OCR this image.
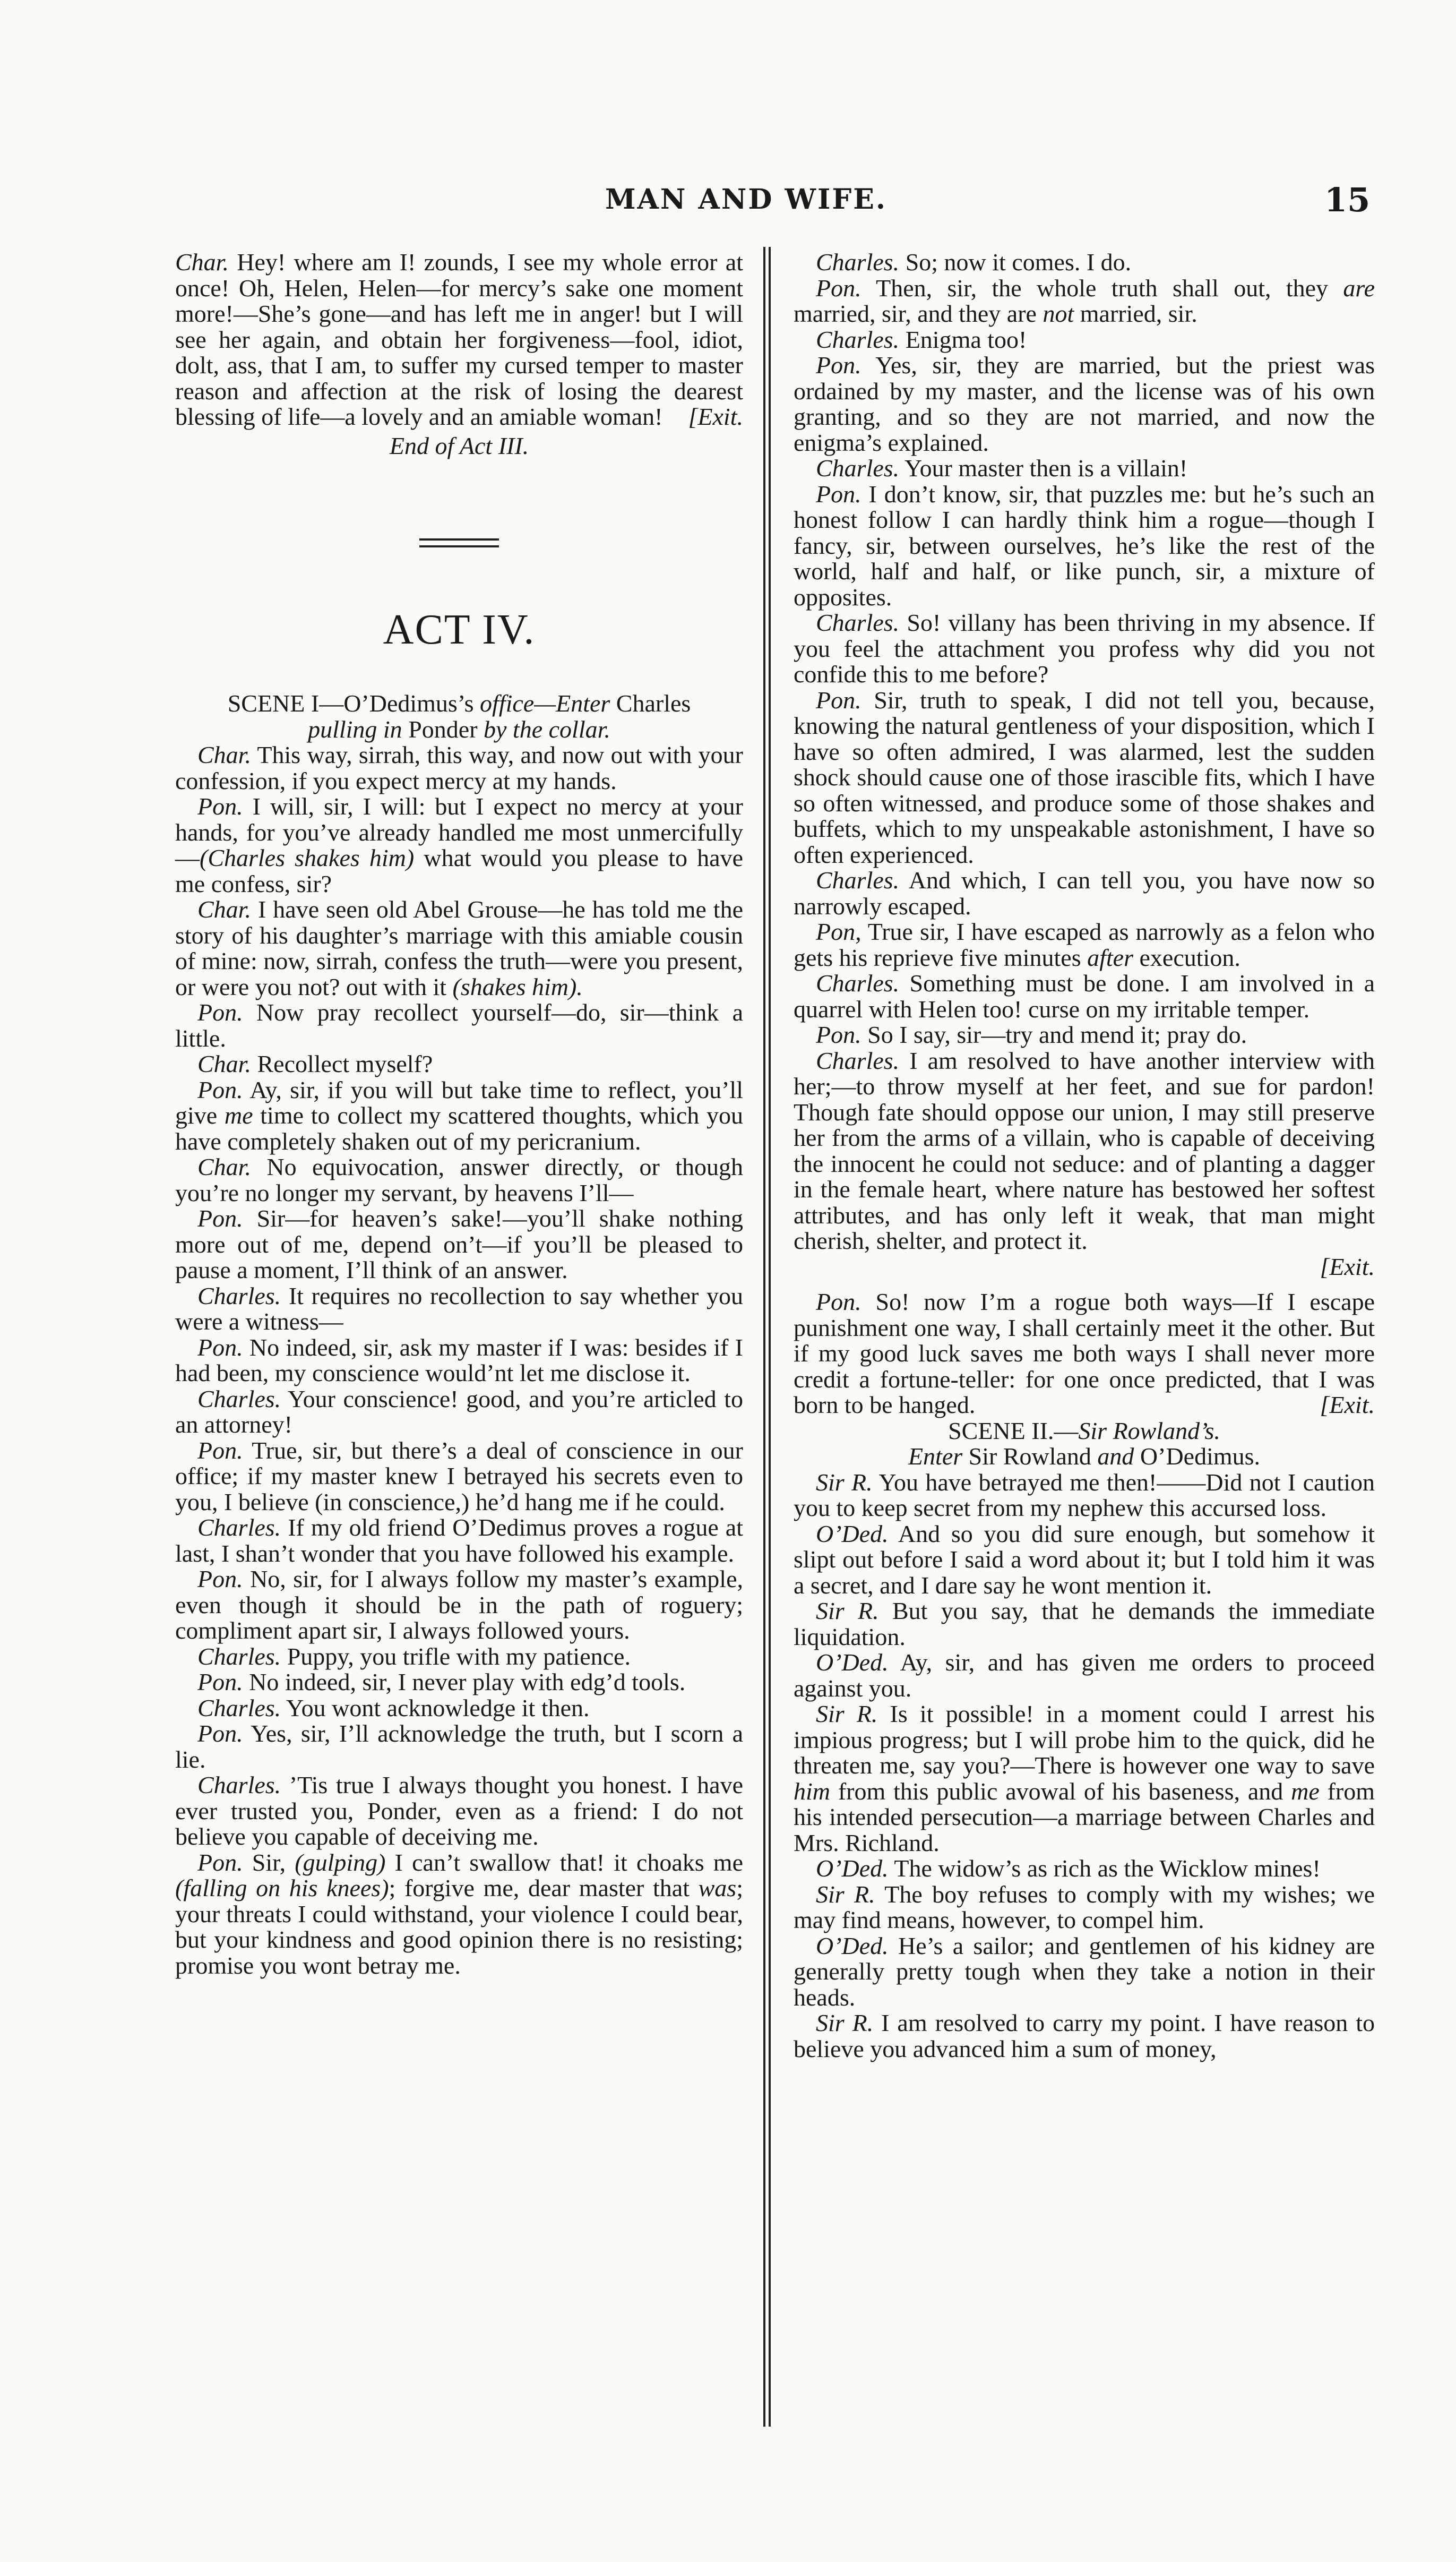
MAN AND WIFE.	15

Char. Hey! where am I! zounds, I see my whole error at once! Oh, Helen, Helen—for mercy’s sake one moment more!—She’s gone—and has left me in anger! but I will see her again, and obtain her forgiveness—fool, idiot, dolt, ass, that I am, to suffer my cursed temper to master reason and affection at the risk of losing the dearest blessing of life—a lovely and an amiable woman! [Exit.

End of Act III.

ACT IV.

SCENE I—O’Dedimus’s office—Enter Charles
pulling in Ponder by the collar.

Char. This way, sirrah, this way, and now out with your confession, if you expect mercy at my hands.

Pon. I will, sir, I will: but I expect no mercy at your hands, for you’ve already handled me most unmercifully—(Charles shakes him) what would you please to have me confess, sir?

Char. I have seen old Abel Grouse—he has told me the story of his daughter’s marriage with this amiable cousin of mine: now, sirrah, confess the truth—were you present, or were you not? out with it (shakes him).

Pon. Now pray recollect yourself—do, sir—think a little.

Char. Recollect myself?

Pon. Ay, sir, if you will but take time to reflect, you’ll give me time to collect my scattered thoughts, which you have completely shaken out of my pericranium.

Char. No equivocation, answer directly, or though you’re no longer my servant, by heavens I’ll—

Pon. Sir—for heaven’s sake!—you’ll shake nothing more out of me, depend on’t—if you’ll be pleased to pause a moment, I’ll think of an answer.

Charles. It requires no recollection to say whether you were a witness—

Pon. No indeed, sir, ask my master if I was: besides if I had been, my conscience would’nt let me disclose it.

Charles. Your conscience! good, and you’re articled to an attorney!

Pon. True, sir, but there’s a deal of conscience in our office; if my master knew I betrayed his secrets even to you, I believe (in conscience,) he’d hang me if he could.

Charles. If my old friend O’Dedimus proves a rogue at last, I shan’t wonder that you have followed his example.

Pon. No, sir, for I always follow my master’s example, even though it should be in the path of roguery; compliment apart sir, I always followed yours.

Charles. Puppy, you trifle with my patience.

Pon. No indeed, sir, I never play with edg’d tools.

Charles. You wont acknowledge it then.

Pon. Yes, sir, I’ll acknowledge the truth, but I scorn a lie.

Charles. ’Tis true I always thought you honest. I have ever trusted you, Ponder, even as a friend: I do not believe you capable of deceiving me.

Pon. Sir, (gulping) I can’t swallow that! it choaks me (falling on his knees); forgive me, dear master that was; your threats I could withstand, your violence I could bear, but your kindness and good opinion there is no resisting; promise you wont betray me.

Charles. So; now it comes. I do.

Pon. Then, sir, the whole truth shall out, they are married, sir, and they are not married, sir.

Charles. Enigma too!

Pon. Yes, sir, they are married, but the priest was ordained by my master, and the license was of his own granting, and so they are not married, and now the enigma’s explained.

Charles. Your master then is a villain!

Pon. I don’t know, sir, that puzzles me: but he’s such an honest follow I can hardly think him a rogue—though I fancy, sir, between ourselves, he’s like the rest of the world, half and half, or like punch, sir, a mixture of opposites.

Charles. So! villany has been thriving in my absence. If you feel the attachment you profess why did you not confide this to me before?

Pon. Sir, truth to speak, I did not tell you, because, knowing the natural gentleness of your disposition, which I have so often admired, I was alarmed, lest the sudden shock should cause one of those irascible fits, which I have so often witnessed, and produce some of those shakes and buffets, which to my unspeakable astonishment, I have so often experienced.

Charles. And which, I can tell you, you have now so narrowly escaped.

Pon, True sir, I have escaped as narrowly as a felon who gets his reprieve five minutes after execution.

Charles. Something must be done. I am involved in a quarrel with Helen too! curse on my irritable temper.

Pon. So I say, sir—try and mend it; pray do.

Charles. I am resolved to have another interview with her;—to throw myself at her feet, and sue for pardon! Though fate should oppose our union, I may still preserve her from the arms of a villain, who is capable of deceiving the innocent he could not seduce: and of planting a dagger in the female heart, where nature has bestowed her softest attributes, and has only left it weak, that man might cherish, shelter, and protect it.

[Exit.

Pon. So! now I’m a rogue both ways—If I escape punishment one way, I shall certainly meet it the other. But if my good luck saves me both ways I shall never more credit a fortune-teller: for one once predicted, that I was born to be hanged.	[Exit.

SCENE II.—Sir Rowland’s.
Enter Sir Rowland and O’Dedimus.

Sir R. You have betrayed me then!——Did not I caution you to keep secret from my nephew this accursed loss.

O’Ded. And so you did sure enough, but somehow it slipt out before I said a word about it; but I told him it was a secret, and I dare say he wont mention it.

Sir R. But you say, that he demands the immediate liquidation.

O’Ded. Ay, sir, and has given me orders to proceed against you.

Sir R. Is it possible! in a moment could I arrest his impious progress; but I will probe him to the quick, did he threaten me, say you?—There is however one way to save him from this public avowal of his baseness, and me from his intended persecution—a marriage between Charles and Mrs. Richland.

O’Ded. The widow’s as rich as the Wicklow mines!

Sir R. The boy refuses to comply with my wishes; we may find means, however, to compel him.

O’Ded. He’s a sailor; and gentlemen of his kidney are generally pretty tough when they take a notion in their heads.

Sir R. I am resolved to carry my point. I have reason to believe you advanced him a sum of money,
